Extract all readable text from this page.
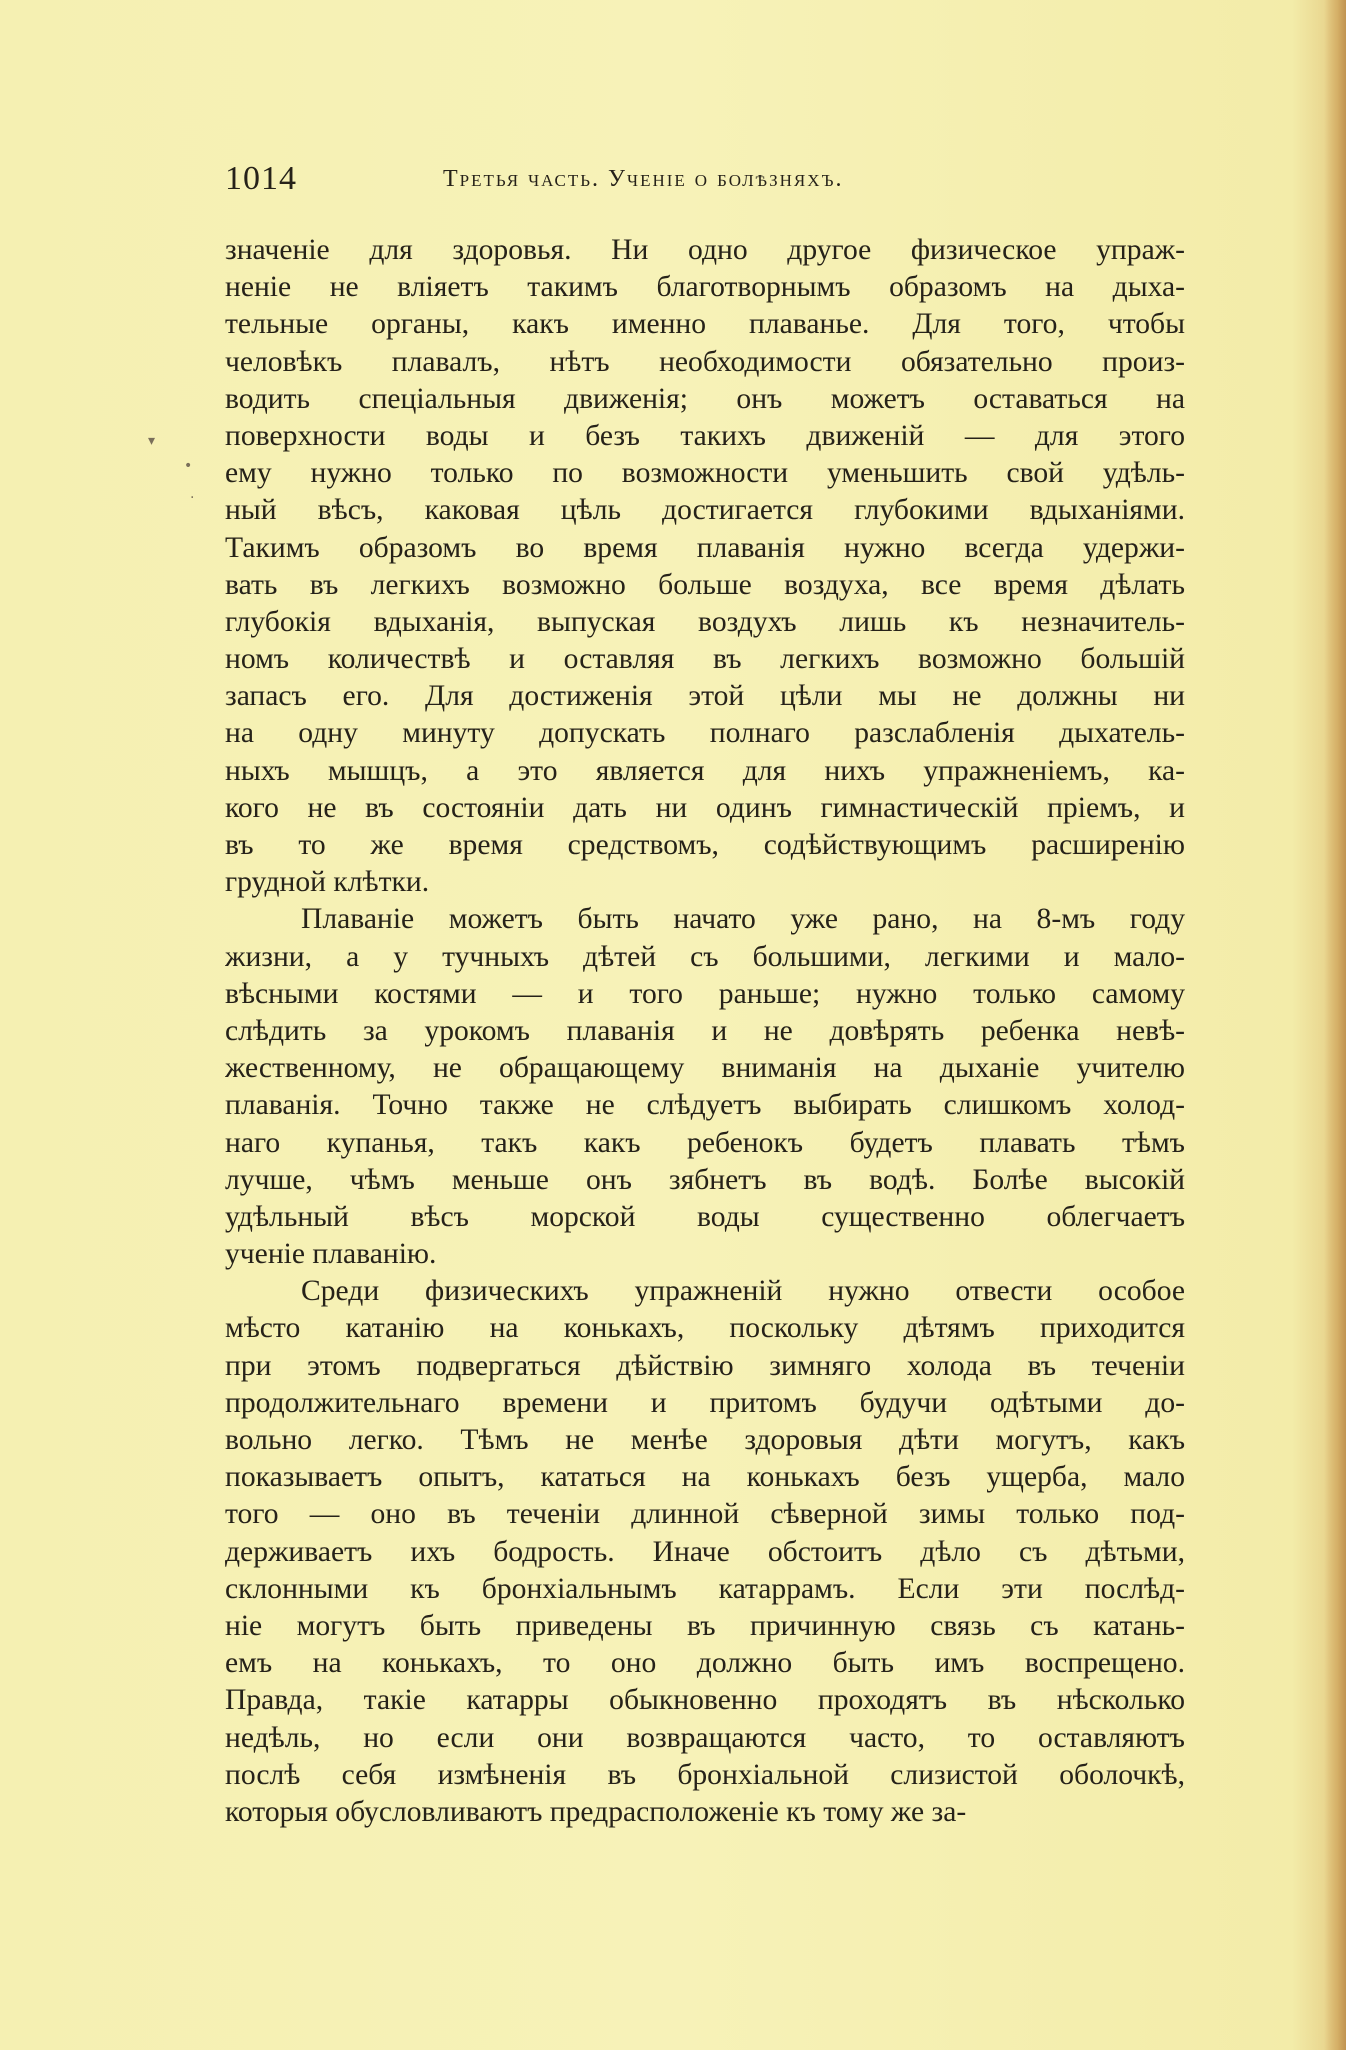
▾
•
·
1014	Третья часть. Ученіе о болѣзняхъ.
значеніе для здоровья. Ни одно другое физическое упраж-
неніе не вліяетъ такимъ благотворнымъ образомъ на дыха-
тельные органы, какъ именно плаванье. Для того, чтобы
человѣкъ плавалъ, нѣтъ необходимости обязательно произ-
водить спеціальныя движенія; онъ можетъ оставаться на
поверхности воды и безъ такихъ движеній — для этого
ему нужно только по возможности уменьшить свой удѣль-
ный вѣсъ, каковая цѣль достигается глубокими вдыханіями.
Такимъ образомъ во время плаванія нужно всегда удержи-
вать въ легкихъ возможно больше воздуха, все время дѣлать
глубокія вдыханія, выпуская воздухъ лишь къ незначитель-
номъ количествѣ и оставляя въ легкихъ возможно большій
запасъ его. Для достиженія этой цѣли мы не должны ни
на одну минуту допускать полнаго разслабленія дыхатель-
ныхъ мышцъ, а это является для нихъ упражненіемъ, ка-
кого не въ состояніи дать ни одинъ гимнастическій пріемъ, и
въ то же время средствомъ, содѣйствующимъ расширенію
грудной клѣтки.
Плаваніе можетъ быть начато уже рано, на 8-мъ году
жизни, а у тучныхъ дѣтей съ большими, легкими и мало-
вѣсными костями — и того раньше; нужно только самому
слѣдить за урокомъ плаванія и не довѣрять ребенка невѣ-
жественному, не обращающему вниманія на дыханіе учителю
плаванія. Точно также не слѣдуетъ выбирать слишкомъ холод-
наго купанья, такъ какъ ребенокъ будетъ плавать тѣмъ
лучше, чѣмъ меньше онъ зябнетъ въ водѣ. Болѣе высокій
удѣльный вѣсъ морской воды существенно облегчаетъ
ученіе плаванію.
Среди физическихъ упражненій нужно отвести особое
мѣсто катанію на конькахъ, поскольку дѣтямъ приходится
при этомъ подвергаться дѣйствію зимняго холода въ теченіи
продолжительнаго времени и притомъ будучи одѣтыми до-
вольно легко. Тѣмъ не менѣе здоровыя дѣти могутъ, какъ
показываетъ опытъ, кататься на конькахъ безъ ущерба, мало
того — оно въ теченіи длинной сѣверной зимы только под-
держиваетъ ихъ бодрость. Иначе обстоитъ дѣло съ дѣтьми,
склонными къ бронхіальнымъ катаррамъ. Если эти послѣд-
ніе могутъ быть приведены въ причинную связь съ катань-
емъ на конькахъ, то оно должно быть имъ воспрещено.
Правда, такіе катарры обыкновенно проходятъ въ нѣсколько
недѣль, но если они возвращаются часто, то оставляютъ
послѣ себя измѣненія въ бронхіальной слизистой оболочкѣ,
которыя обусловливаютъ предрасположеніе къ тому же за-
